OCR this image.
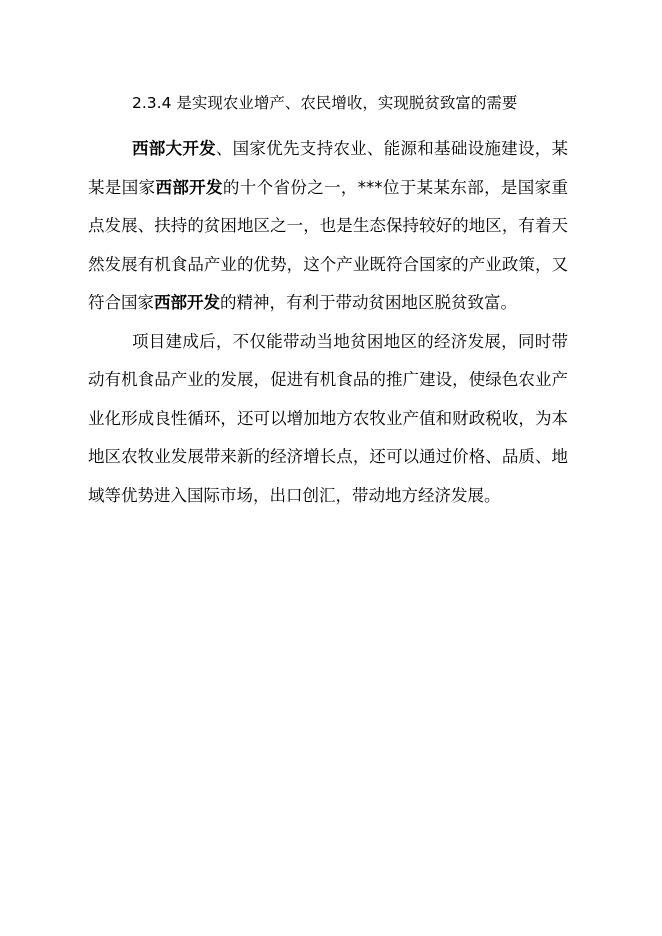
2.3.4 是实现农业增产、农民增收，实现脱贫致富的需要

西部大开发、国家优先支持农业、能源和基础设施建设，某某是国家西部开发的十个省份之一，***位于某某东部，是国家重点发展、扶持的贫困地区之一，也是生态保持较好的地区，有着天然发展有机食品产业的优势，这个产业既符合国家的产业政策，又符合国家西部开发的精神，有利于带动贫困地区脱贫致富。

项目建成后，不仅能带动当地贫困地区的经济发展，同时带动有机食品产业的发展，促进有机食品的推广建设，使绿色农业产业化形成良性循环，还可以增加地方农牧业产值和财政税收，为本地区农牧业发展带来新的经济增长点，还可以通过价格、品质、地域等优势进入国际市场，出口创汇，带动地方经济发展。
